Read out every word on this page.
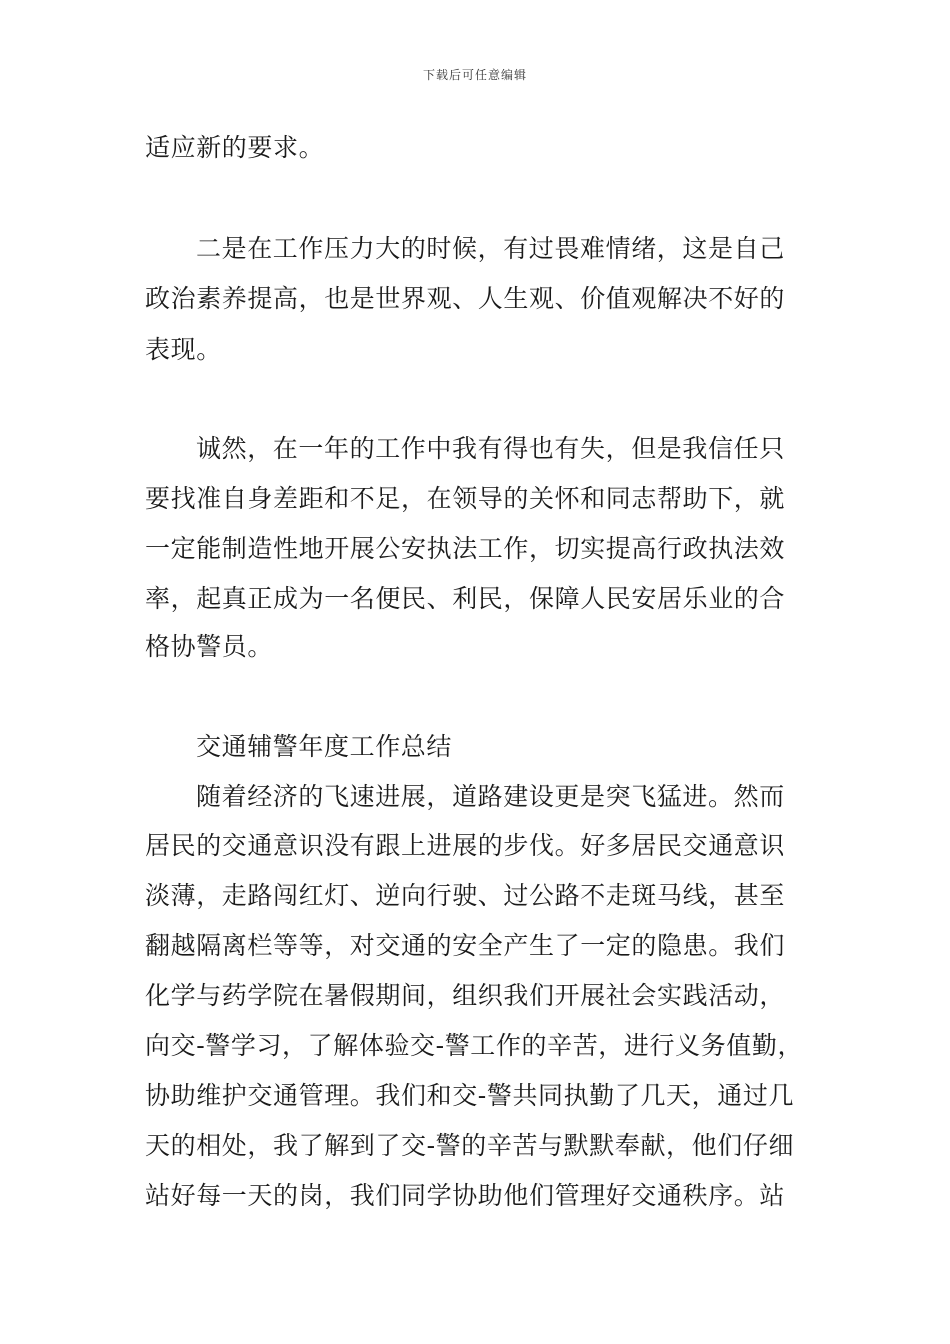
下载后可任意编辑
适应新的要求。
二是在工作压力大的时候，有过畏难情绪，这是自己
政治素养提高，也是世界观、人生观、价值观解决不好的
表现。
诚然，在一年的工作中我有得也有失，但是我信任只
要找准自身差距和不足，在领导的关怀和同志帮助下，就
一定能制造性地开展公安执法工作，切实提高行政执法效
率，起真正成为一名便民、利民，保障人民安居乐业的合
格协警员。
交通辅警年度工作总结
随着经济的飞速进展，道路建设更是突飞猛进。然而
居民的交通意识没有跟上进展的步伐。好多居民交通意识
淡薄，走路闯红灯、逆向行驶、过公路不走斑马线，甚至
翻越隔离栏等等，对交通的安全产生了一定的隐患。我们
化学与药学院在暑假期间，组织我们开展社会实践活动，
向交-警学习，了解体验交-警工作的辛苦，进行义务值勤，
协助维护交通管理。我们和交-警共同执勤了几天，通过几
天的相处，我了解到了交-警的辛苦与默默奉献，他们仔细
站好每一天的岗，我们同学协助他们管理好交通秩序。站
